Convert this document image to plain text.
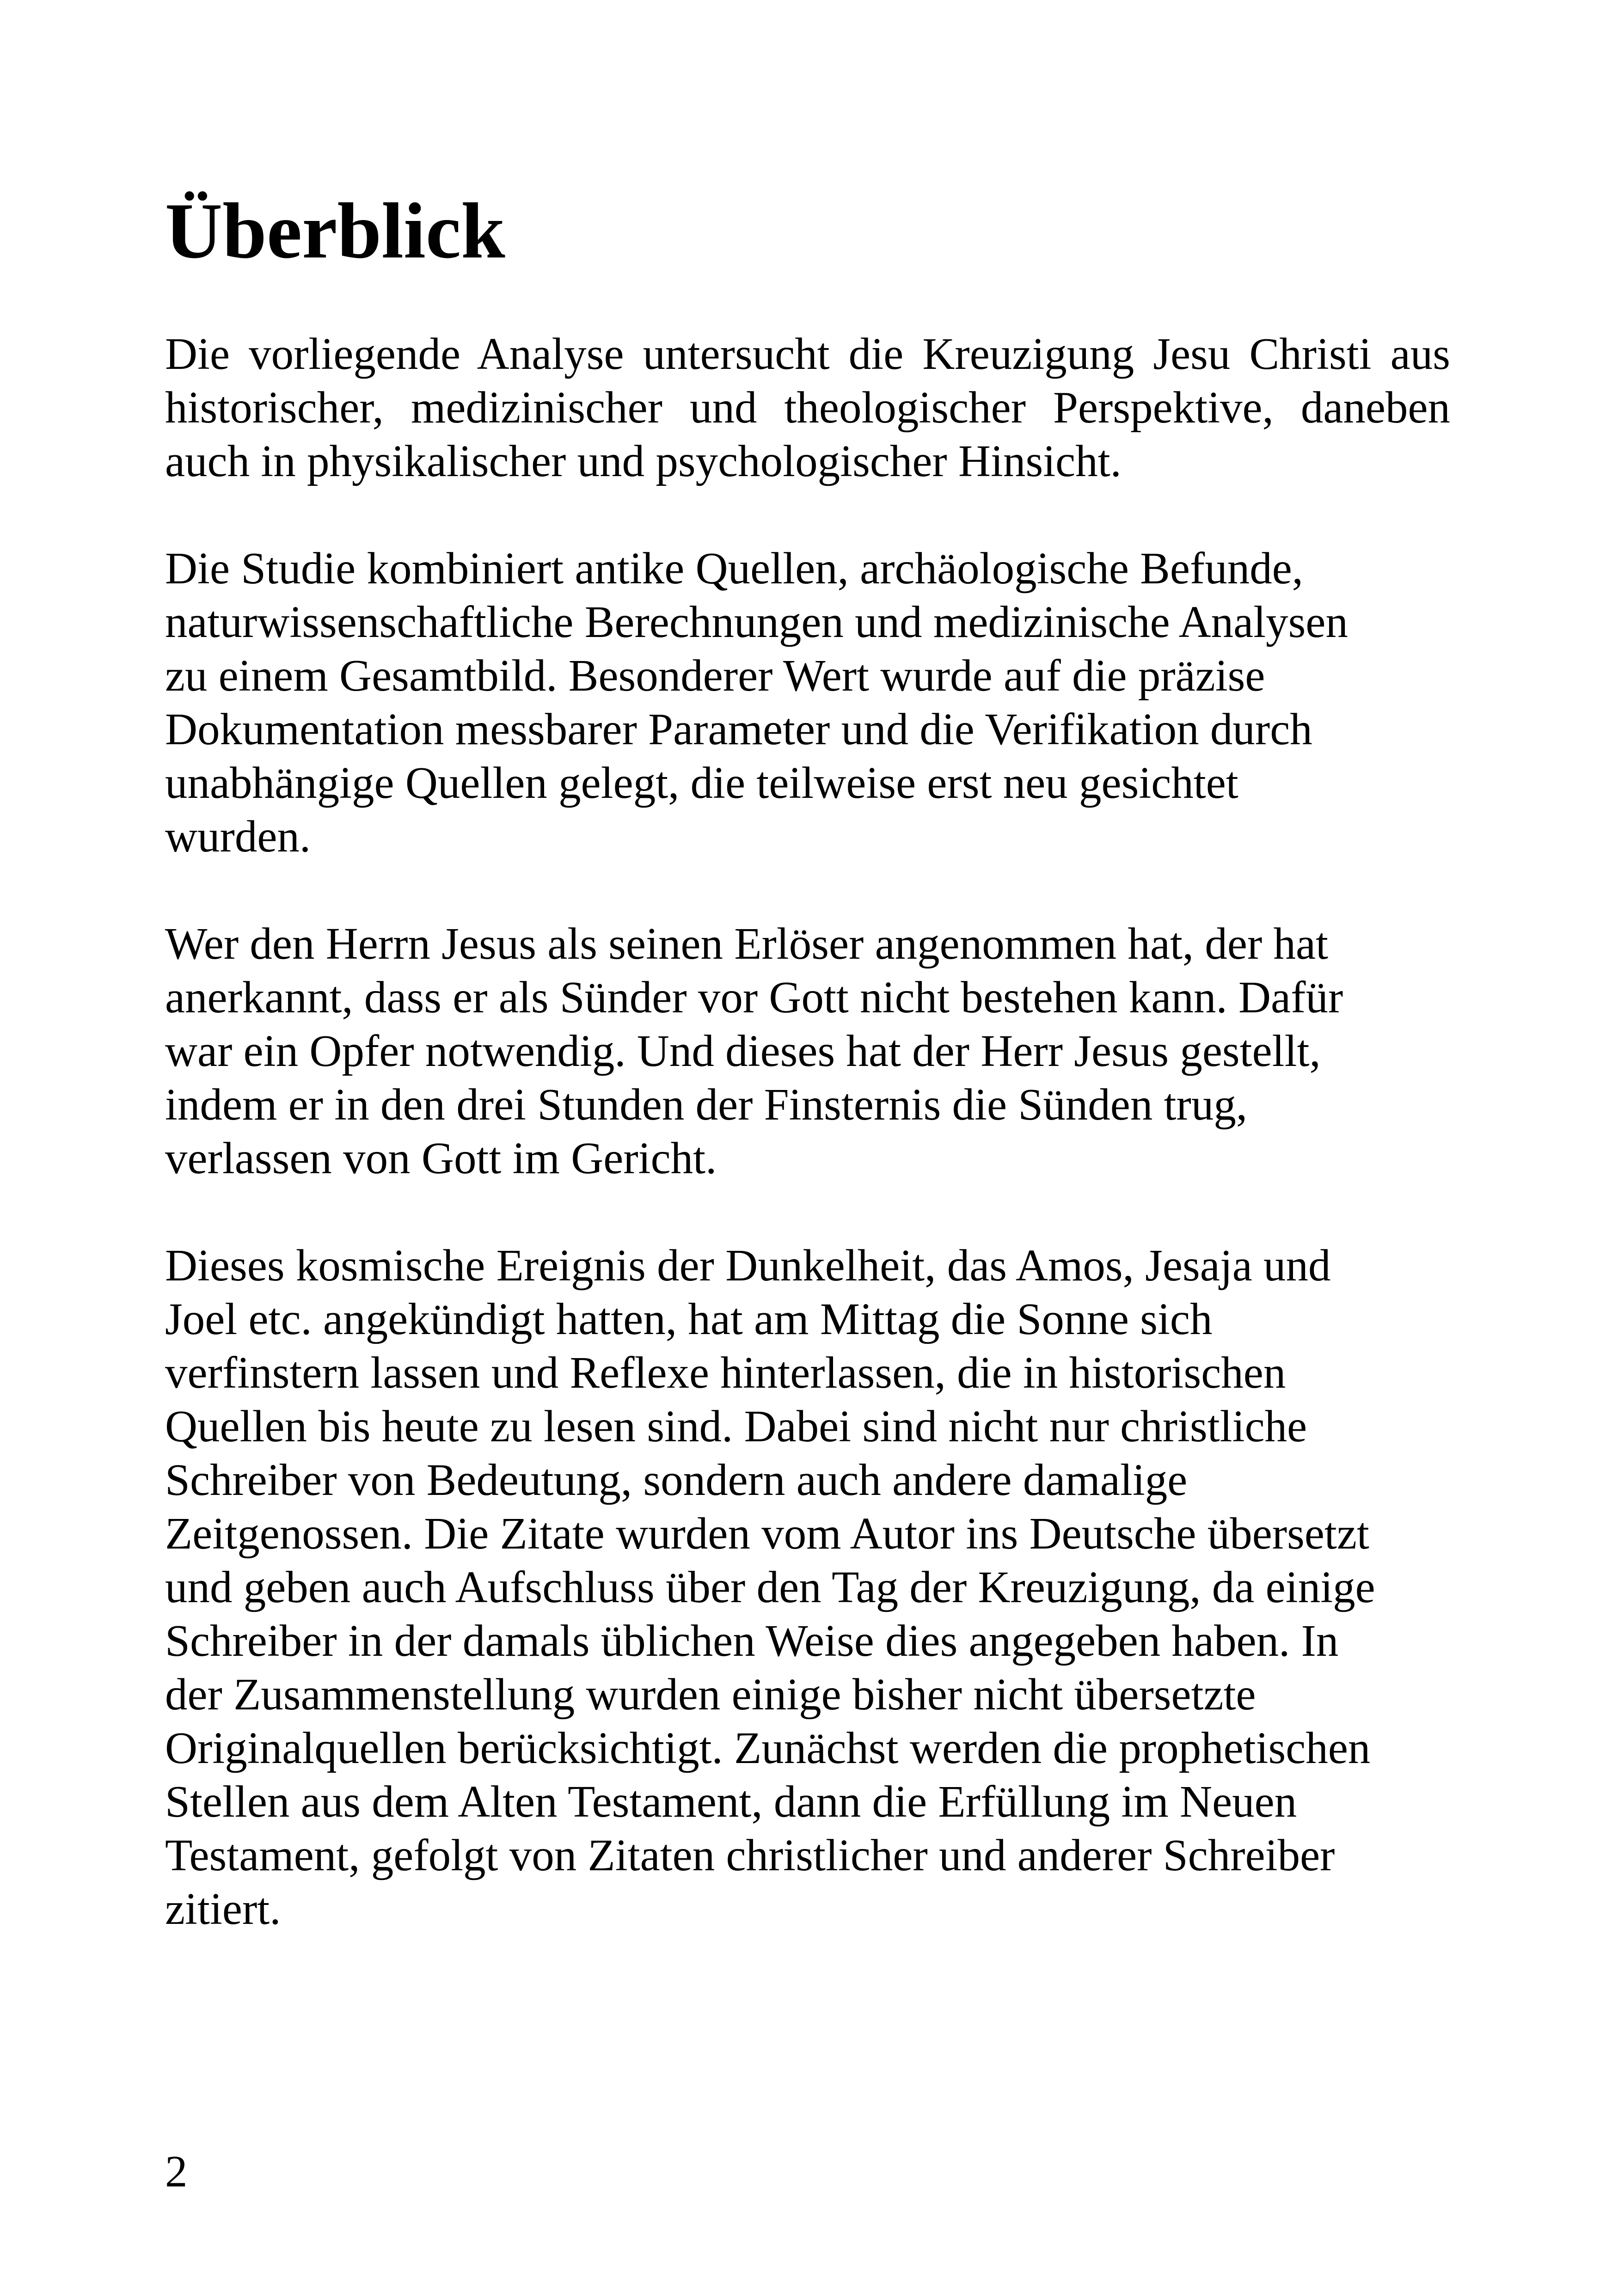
Überblick

Die vorliegende Analyse untersucht die Kreuzigung Jesu Christi aus
historischer, medizinischer und theologischer Perspektive, daneben
auch in physikalischer und psychologischer Hinsicht.

Die Studie kombiniert antike Quellen, archäologische Befunde,
naturwissenschaftliche Berechnungen und medizinische Analysen
zu einem Gesamtbild. Besonderer Wert wurde auf die präzise
Dokumentation messbarer Parameter und die Verifikation durch
unabhängige Quellen gelegt, die teilweise erst neu gesichtet
wurden.

Wer den Herrn Jesus als seinen Erlöser angenommen hat, der hat
anerkannt, dass er als Sünder vor Gott nicht bestehen kann. Dafür
war ein Opfer notwendig. Und dieses hat der Herr Jesus gestellt,
indem er in den drei Stunden der Finsternis die Sünden trug,
verlassen von Gott im Gericht.

Dieses kosmische Ereignis der Dunkelheit, das Amos, Jesaja und
Joel etc. angekündigt hatten, hat am Mittag die Sonne sich
verfinstern lassen und Reflexe hinterlassen, die in historischen
Quellen bis heute zu lesen sind. Dabei sind nicht nur christliche
Schreiber von Bedeutung, sondern auch andere damalige
Zeitgenossen. Die Zitate wurden vom Autor ins Deutsche übersetzt
und geben auch Aufschluss über den Tag der Kreuzigung, da einige
Schreiber in der damals üblichen Weise dies angegeben haben. In
der Zusammenstellung wurden einige bisher nicht übersetzte
Originalquellen berücksichtigt. Zunächst werden die prophetischen
Stellen aus dem Alten Testament, dann die Erfüllung im Neuen
Testament, gefolgt von Zitaten christlicher und anderer Schreiber
zitiert.

2
